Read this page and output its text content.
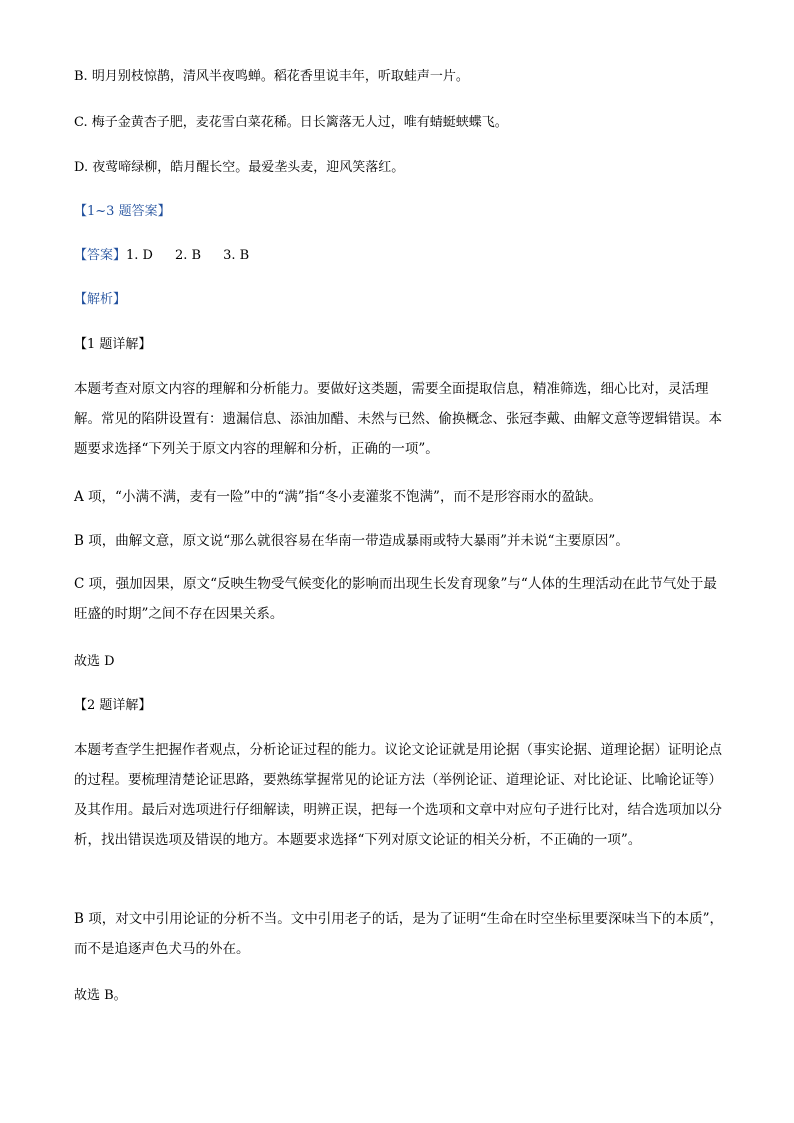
B. 明月别枝惊鹊，清风半夜鸣蝉。稻花香里说丰年，听取蛙声一片。
C. 梅子金黄杏子肥，麦花雪白菜花稀。日长篱落无人过，唯有蜻蜓蛱蝶飞。
D. 夜莺啼绿柳，皓月醒长空。最爱垄头麦，迎风笑落红。
【1~3 题答案】
【答案】1. D 2. B 3. B
【解析】
【1 题详解】

本题考查对原文内容的理解和分析能力。要做好这类题，需要全面提取信息，精准筛选，细心比对，灵活理解。常见的陷阱设置有：遗漏信息、添油加醋、未然与已然、偷换概念、张冠李戴、曲解文意等逻辑错误。本题要求选择“下列关于原文内容的理解和分析，正确的一项”。

A 项，“小满不满，麦有一险”中的“满”指“冬小麦灌浆不饱满”，而不是形容雨水的盈缺。

B 项，曲解文意，原文说“那么就很容易在华南一带造成暴雨或特大暴雨”并未说“主要原因”。

C 项，强加因果，原文“反映生物受气候变化的影响而出现生长发育现象”与“人体的生理活动在此节气处于最旺盛的时期”之间不存在因果关系。

故选 D
【2 题详解】

本题考查学生把握作者观点，分析论证过程的能力。议论文论证就是用论据（事实论据、道理论据）证明论点的过程。要梳理清楚论证思路，要熟练掌握常见的论证方法（举例论证、道理论证、对比论证、比喻论证等）及其作用。最后对选项进行仔细解读，明辨正误，把每一个选项和文章中对应句子进行比对，结合选项加以分析，找出错误选项及错误的地方。本题要求选择“下列对原文论证的相关分析，不正确的一项”。

B 项，对文中引用论证的分析不当。文中引用老子的话，是为了证明“生命在时空坐标里要深味当下的本质”，而不是追逐声色犬马的外在。

故选 B。
